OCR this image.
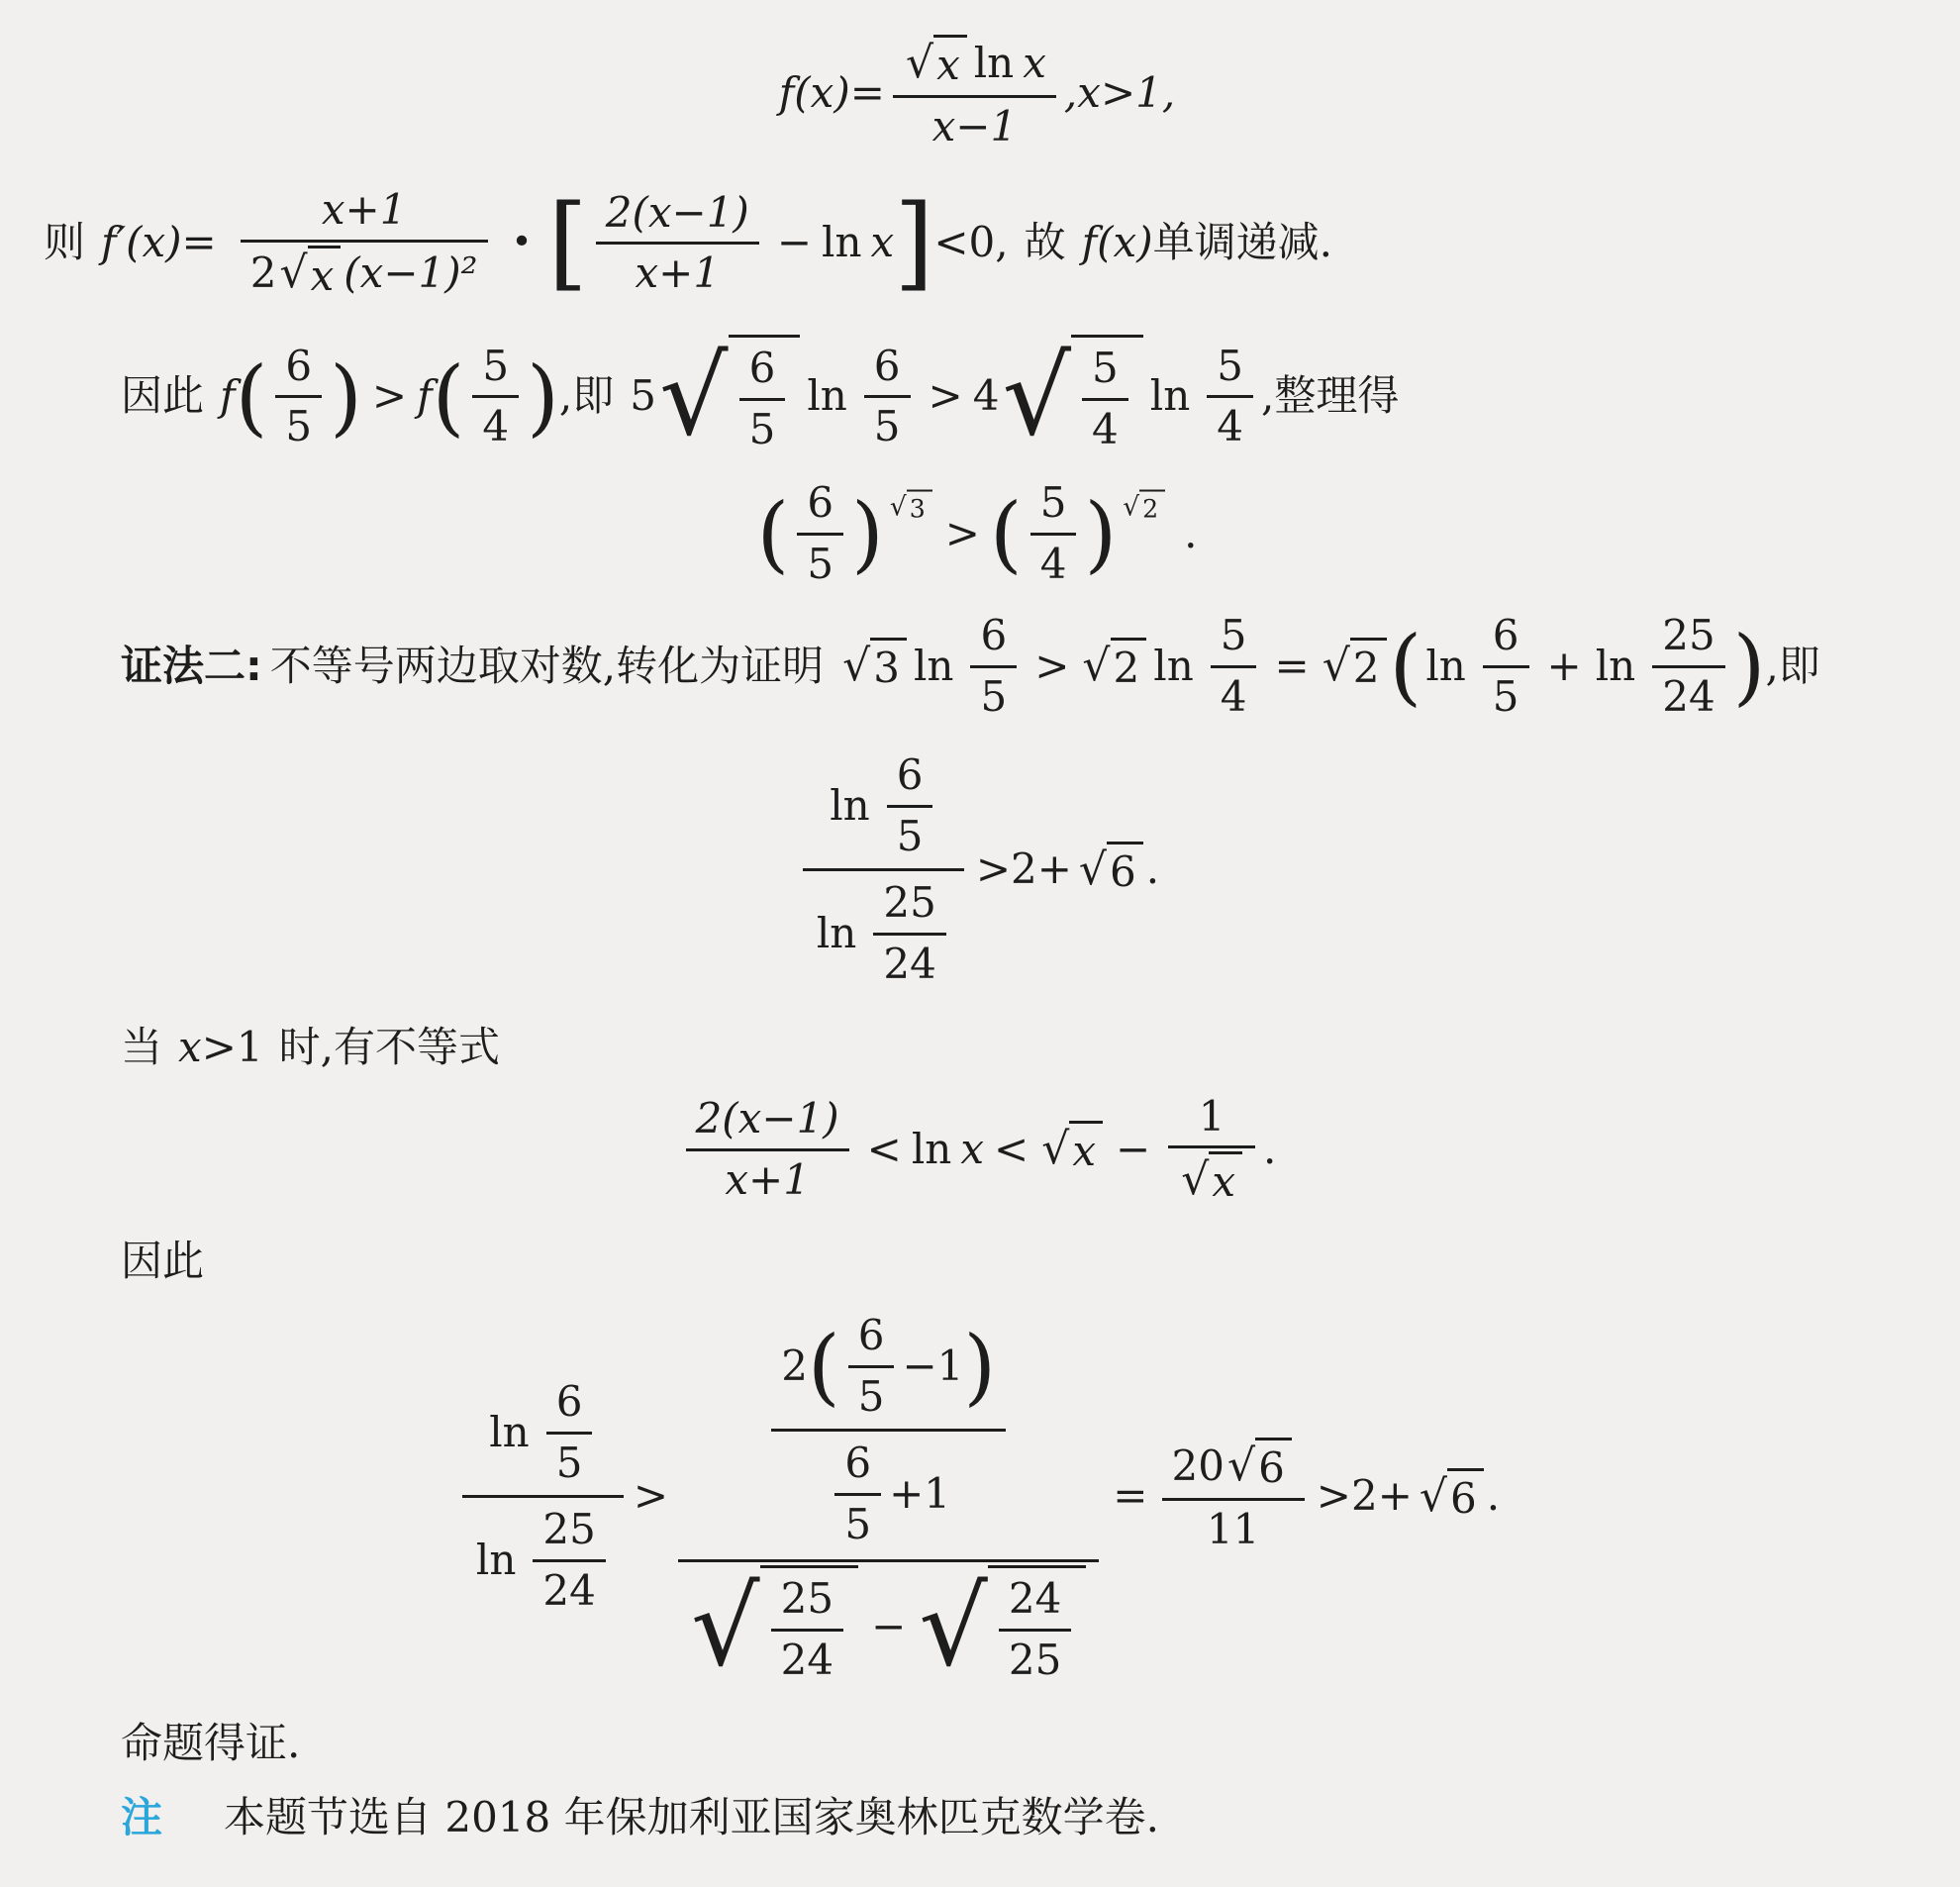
$f(x)= \frac{\text{√ x ln x}}{x-1} ,x>1$,
则 $f'(x)= \frac{x+1}{\text{2 √ x (x−1)²}}$ • [ $\frac{2(x-1)}{x+1} - \ln x$ ] <0, 故 f(x) 单调递减.
因此 f ( $\frac{6}{5}$ ) > f ( $\frac{5}{4}$ ) ,即 5 √ $\frac{6}{5}$ $\ln \frac{6}{5} > 4$ √ $\frac{5}{4}$ $\ln \frac{5}{4}$ ,整理得
( $\frac{6}{5}$ ) √ 3 > ( $\frac{5}{4}$ ) √ 2 .
证法二: 不等号两边取对数,转化为证明 √ 3 $\ln \frac{6}{5}$ > √ 2 $\ln \frac{5}{4}$ = √ 2 ( $\ln \frac{6}{5} + \ln \frac{25}{24}$ ) ,即
$\frac{\ln \frac{6}{5}}{\ln \frac{25}{24}} >2+$ √ 6 .
当 x >1 时,有不等式
$\frac{2(x-1)}{x+1} < \ln x$ < √ $x - \frac{1}{√ x}$ .
因此
$\frac{\ln \frac{6}{5}}{\ln \frac{25}{24}}$ >
2 ( $\frac{6}{5} -1$ )
$\frac{6}{5} +1$
√ $\frac{25}{24}$ − √ $\frac{24}{25}$
= $\frac{20 √ 6}{11} >2+$ √ 6 .
命题得证.
注 本题节选自 2018 年保加利亚国家奥林匹克数学卷.
